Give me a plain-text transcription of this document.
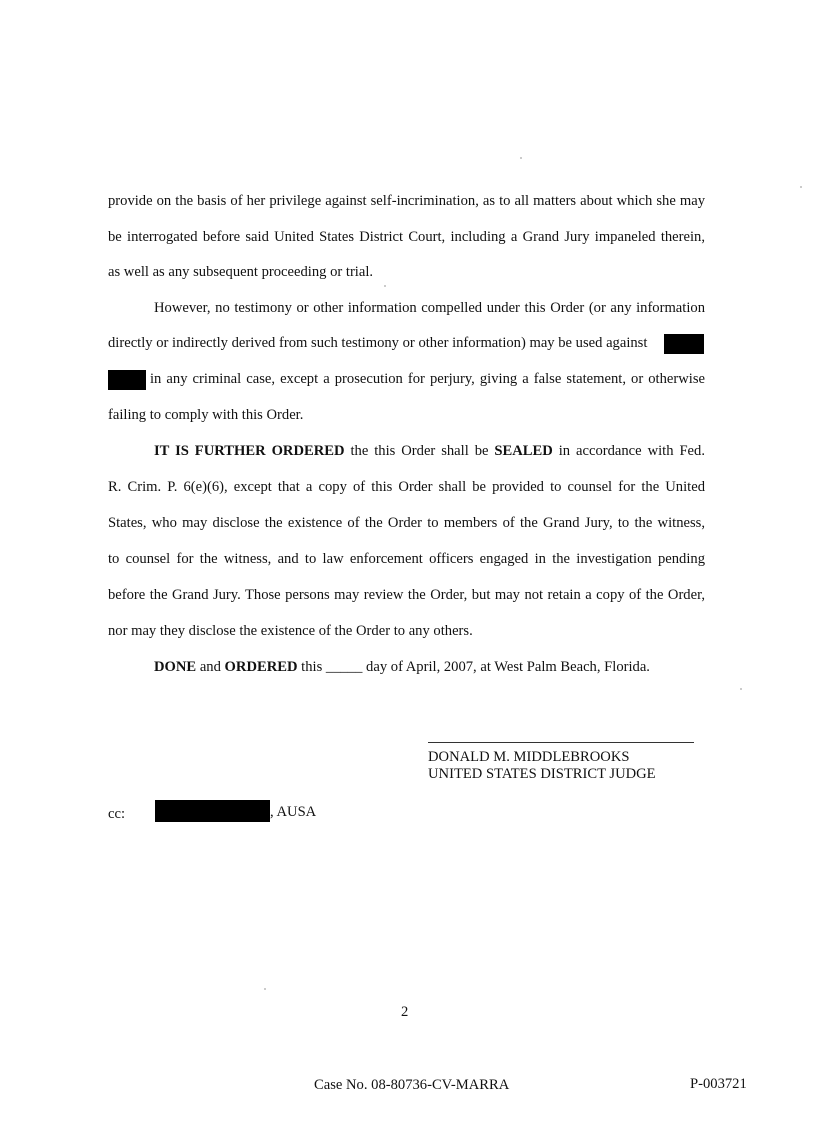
provide on the basis of her privilege against self-incrimination, as to all matters about which she may
be interrogated before said United States District Court, including a Grand Jury impaneled therein,
as well as any subsequent proceeding or trial.
However, no testimony or other information compelled under this Order (or any information
directly or indirectly derived from such testimony or other information) may be used against
in any criminal case, except a prosecution for perjury, giving a false statement, or otherwise
failing to comply with this Order.
IT IS FURTHER ORDERED the this Order shall be SEALED in accordance with Fed.
R. Crim. P. 6(e)(6), except that a copy of this Order shall be provided to counsel for the United
States, who may disclose the existence of the Order to members of the Grand Jury, to the witness,
to counsel for the witness, and to law enforcement officers engaged in the investigation pending
before the Grand Jury. Those persons may review the Order, but may not retain a copy of the Order,
nor may they disclose the existence of the Order to any others.
DONE and ORDERED this _____ day of April, 2007, at West Palm Beach, Florida.
DONALD M. MIDDLEBROOKS
UNITED STATES DISTRICT JUDGE
cc:	, AUSA
2
Case No. 08-80736-CV-MARRA	P-003721
